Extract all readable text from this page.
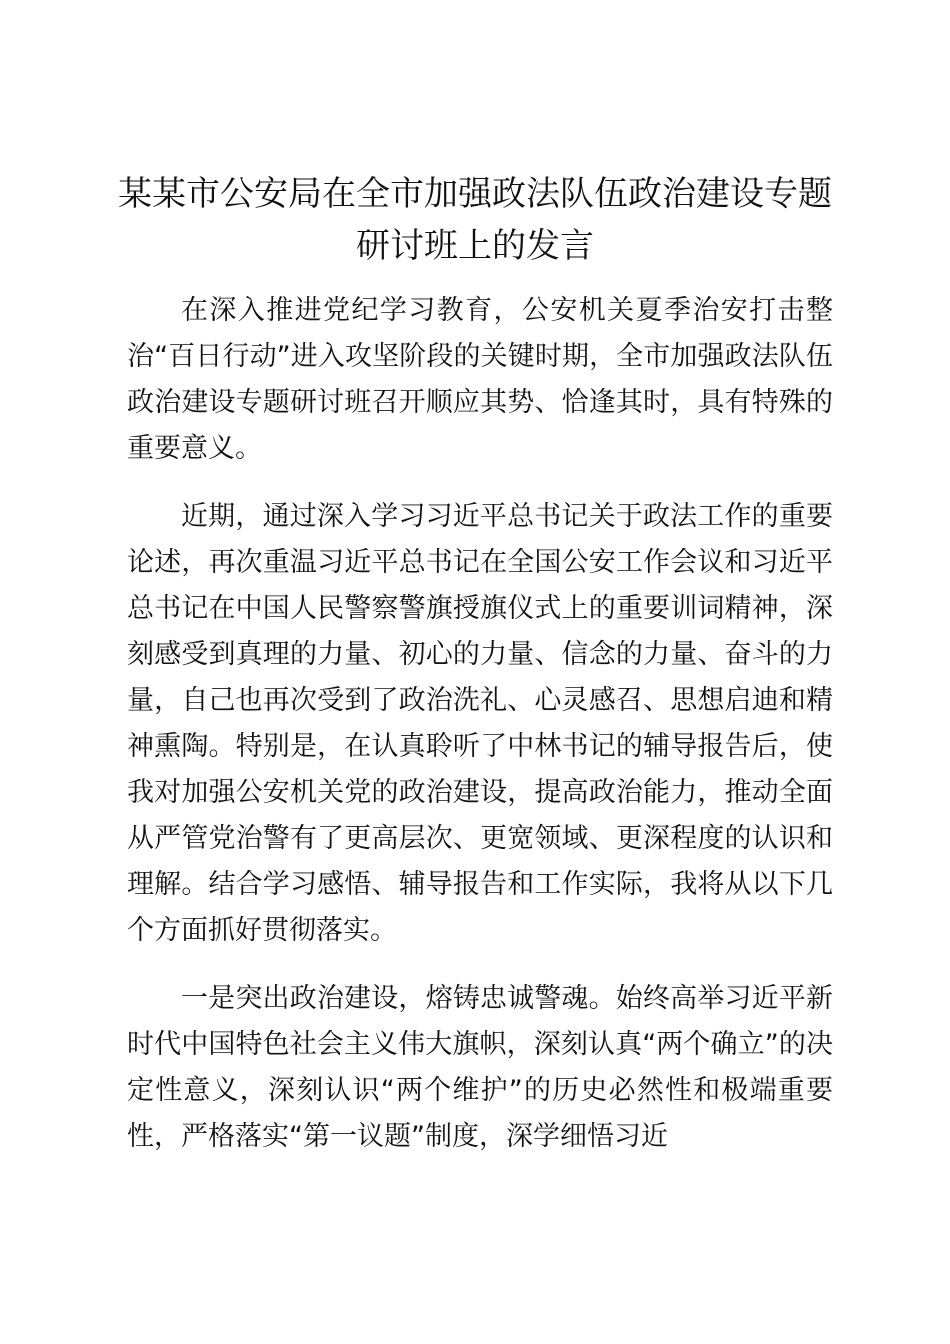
某某市公安局在全市加强政法队伍政治建设专题研讨班上的发言

在深入推进党纪学习教育，公安机关夏季治安打击整治“百日行动”进入攻坚阶段的关键时期，全市加强政法队伍政治建设专题研讨班召开顺应其势、恰逢其时，具有特殊的重要意义。

近期，通过深入学习习近平总书记关于政法工作的重要论述，再次重温习近平总书记在全国公安工作会议和习近平总书记在中国人民警察警旗授旗仪式上的重要训词精神，深刻感受到真理的力量、初心的力量、信念的力量、奋斗的力量，自己也再次受到了政治洗礼、心灵感召、思想启迪和精神熏陶。特别是，在认真聆听了中林书记的辅导报告后，使我对加强公安机关党的政治建设，提高政治能力，推动全面从严管党治警有了更高层次、更宽领域、更深程度的认识和理解。结合学习感悟、辅导报告和工作实际，我将从以下几个方面抓好贯彻落实。

一是突出政治建设，熔铸忠诚警魂。始终高举习近平新时代中国特色社会主义伟大旗帜，深刻认真“两个确立”的决定性意义，深刻认识“两个维护”的历史必然性和极端重要性，严格落实“第一议题”制度，深学细悟习近
